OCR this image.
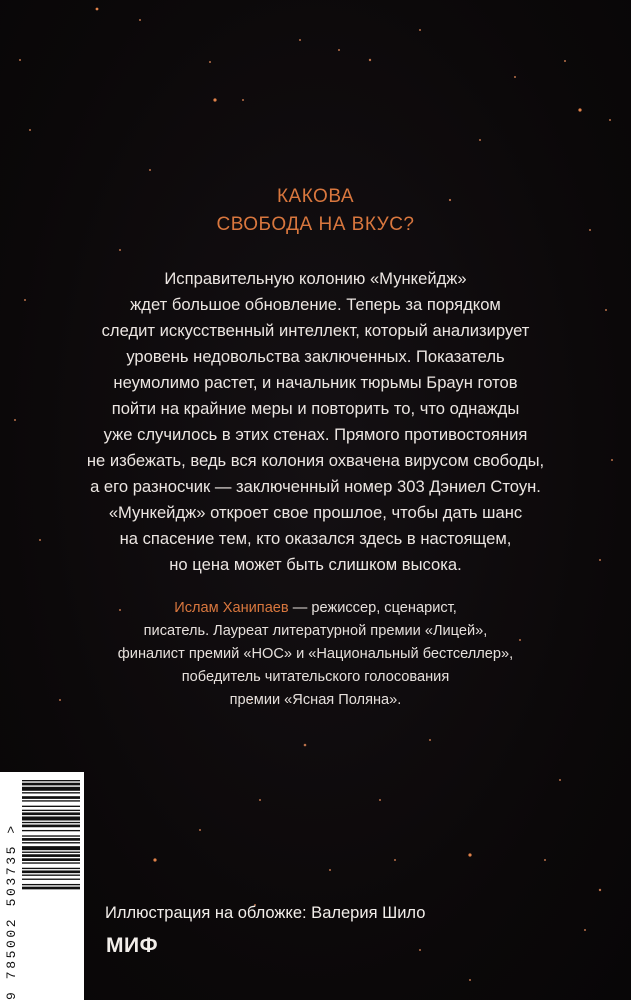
КАКОВА
СВОБОДА НА ВКУС?
Исправительную колонию «Мункейдж»
ждет большое обновление. Теперь за порядком
следит искусственный интеллект, который анализирует
уровень недовольства заключенных. Показатель
неумолимо растет, и начальник тюрьмы Браун готов
пойти на крайние меры и повторить то, что однажды
уже случилось в этих стенах. Прямого противостояния
не избежать, ведь вся колония охвачена вирусом свободы,
а его разносчик — заключенный номер 303 Дэниел Стоун.
«Мункейдж» откроет свое прошлое, чтобы дать шанс
на спасение тем, кто оказался здесь в настоящем,
но цена может быть слишком высока.
Ислам Ханипаев — режиссер, сценарист,
писатель. Лауреат литературной премии «Лицей»,
финалист премий «НОС» и «Национальный бестселлер»,
победитель читательского голосования
премии «Ясная Поляна».
9 785002 503735 >	Иллюстрация на обложке: Валерия Шило
МИФ
